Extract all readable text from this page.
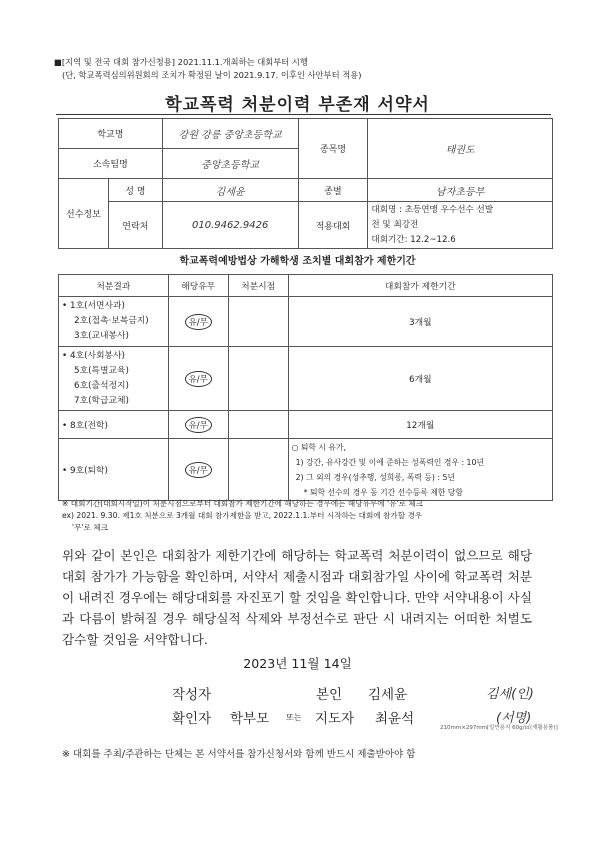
■[지역 및 전국 대회 참가신청용] 2021.11.1.개최하는 대회부터 시행
(단, 학교폭력심의위원회의 조치가 확정된 날이 2021.9.17. 이후인 사안부터 적용)
학교폭력 처분이력 부존재 서약서
학교명		강원 강릉 중앙초등학교	종목명	태권도
소속팀명		중앙초등학교		
선수정보	성 명	김세윤	종별	남자초등부
	연락처	010.9462.9426	적용대회	대회명 : 초등연맹 우수선수 선발
전 및 최강전
대회기간: 12.2~12.6
학교폭력예방법상 가해학생 조치별 대회참가 제한기간
처분결과	해당유무	처분시점	대회참가 제한기간

• 1호(서면사과)
2호(접촉·보복금지)
3호(교내봉사)	유/무		3개월

• 4호(사회봉사)
5호(특별교육)
6호(출석정지)
7호(학급교체)	유/무		6개월
• 8호(전학)	유/무		12개월
• 9호(퇴학)	유/무		○ 퇴학 시 유가,
1) 강간, 유사강간 및 이에 준하는 성폭력인 경우 : 10년
2) 그 외의 경우(성추행, 성희롱, 폭력 등) : 5년
* 퇴학 선수의 경우 동 기간 선수등록 제한 당함
※ 대회기간(대회시작일)이 처분시점으로부터 대회참가 제한기간에 해당하는 경우에는 해당유무에 '유'로 체크
ex) 2021. 9.30. 제1호 처분으로 3개월 대회 참가제한을 받고, 2022.1.1.부터 시작하는 대회에 참가할 경우
'무'로 체크
위와 같이 본인은 대회참가 제한기간에 해당하는 학교폭력 처분이력이 없으므로 해당 대회 참가가 가능함을 확인하며, 서약서 제출시점과 대회참가일 사이에 학교폭력 처분이 내려진 경우에는 해당대회를 자진포기 할 것임을 확인합니다. 만약 서약내용이 사실과 다름이 밝혀질 경우 해당실적 삭제와 부정선수로 판단 시 내려지는 어떠한 처벌도 감수할 것임을 서약합니다.
2023년 11월 14일
작성자	본인 김세윤	김세(인)
확인자 학부모 또는 지도자 최윤석	(서명)
210mm×297mm[일반용지 60g/㎡(재활용품)]
※ 대회를 주최/주관하는 단체는 본 서약서를 참가신청서와 함께 반드시 제출받아야 함
